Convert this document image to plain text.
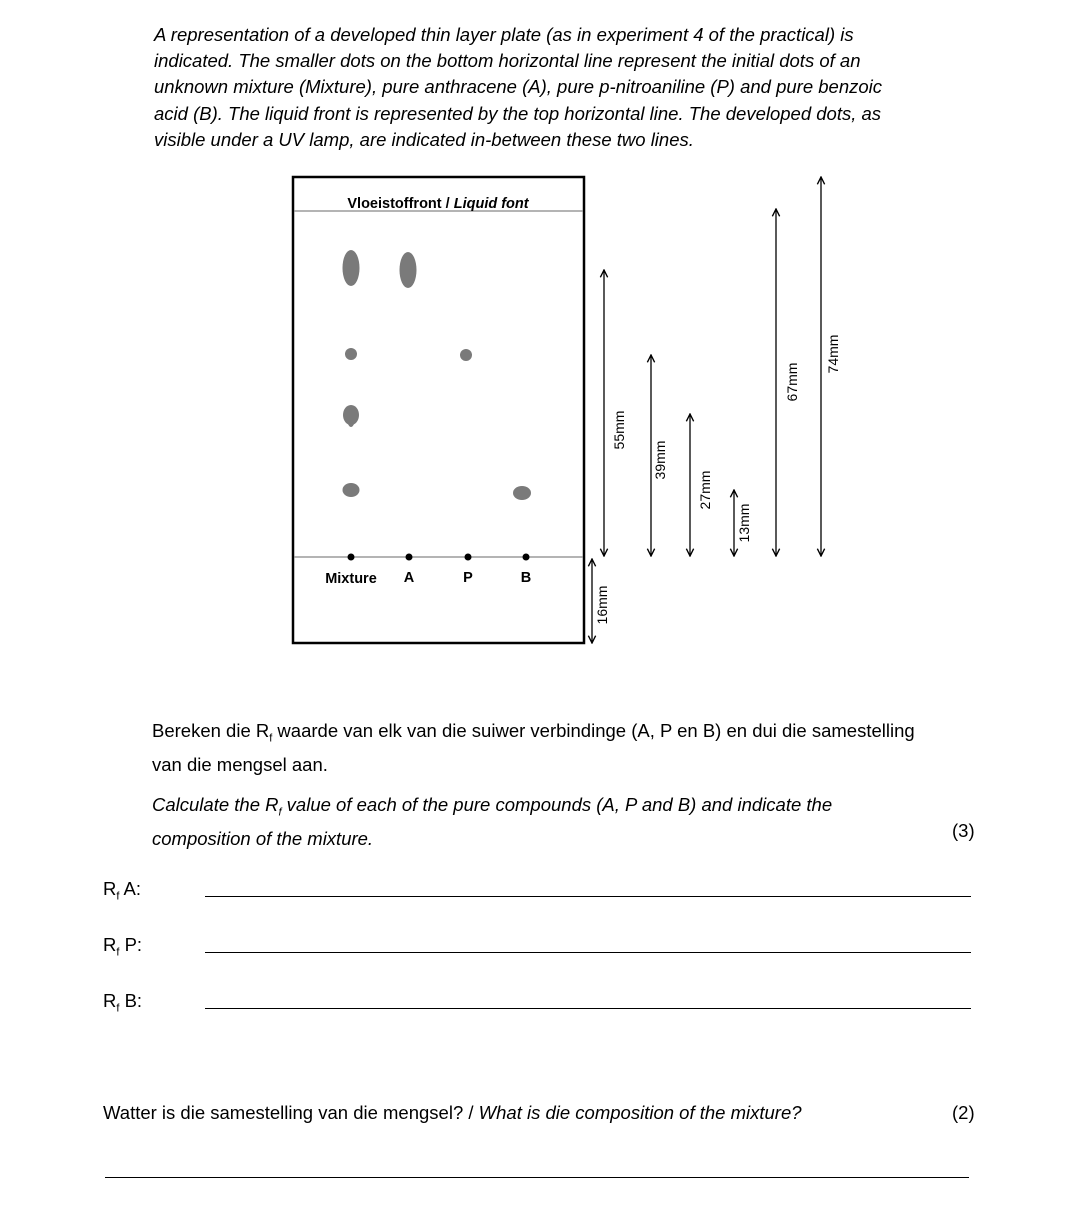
A representation of a developed thin layer plate (as in experiment 4 of the practical) is
indicated. The smaller dots on the bottom horizontal line represent the initial dots of an
unknown mixture (Mixture), pure anthracene (A), pure p-nitroaniline (P) and pure benzoic
acid (B). The liquid front is represented by the top horizontal line. The developed dots, as
visible under a UV lamp, are indicated in-between these two lines.
Vloeistoffront / Liquid font
Mixture A	P	B
55mm
39mm
27mm
13mm
67mm
74mm
16mm
Bereken die $R_f$ waarde van elk van die suiwer verbindinge (A, P en B) en dui die samestelling
van die mengsel aan.
Calculate the $R_f$ value of each of the pure compounds (A, P and B) and indicate the
composition of the mixture.	(3)
$R_f$ A:
$R_f$ P:
$R_f$ B:
Watter is die samestelling van die mengsel? / What is die composition of the mixture?	(2)
